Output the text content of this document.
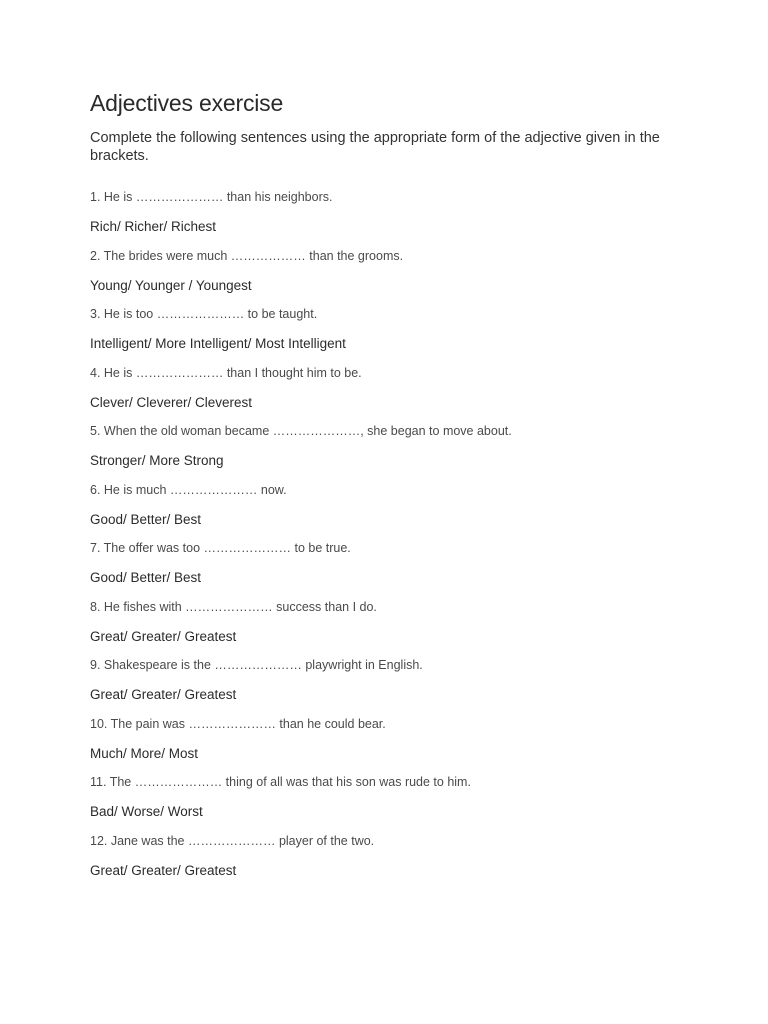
Adjectives exercise

Complete the following sentences using the appropriate form of the adjective given in the brackets.

1. He is ………………… than his neighbors.
Rich/ Richer/ Richest
2. The brides were much ……………… than the grooms.
Young/ Younger / Youngest
3. He is too ………………… to be taught.
Intelligent/ More Intelligent/ Most Intelligent
4. He is ………………… than I thought him to be.
Clever/ Cleverer/ Cleverest
5. When the old woman became …………………, she began to move about.
Stronger/ More Strong
6. He is much ………………… now.
Good/ Better/ Best
7. The offer was too ………………… to be true.
Good/ Better/ Best
8. He fishes with ………………… success than I do.
Great/ Greater/ Greatest
9. Shakespeare is the ………………… playwright in English.
Great/ Greater/ Greatest
10. The pain was ………………… than he could bear.
Much/ More/ Most
11. The ………………… thing of all was that his son was rude to him.
Bad/ Worse/ Worst
12. Jane was the ………………… player of the two.
Great/ Greater/ Greatest
